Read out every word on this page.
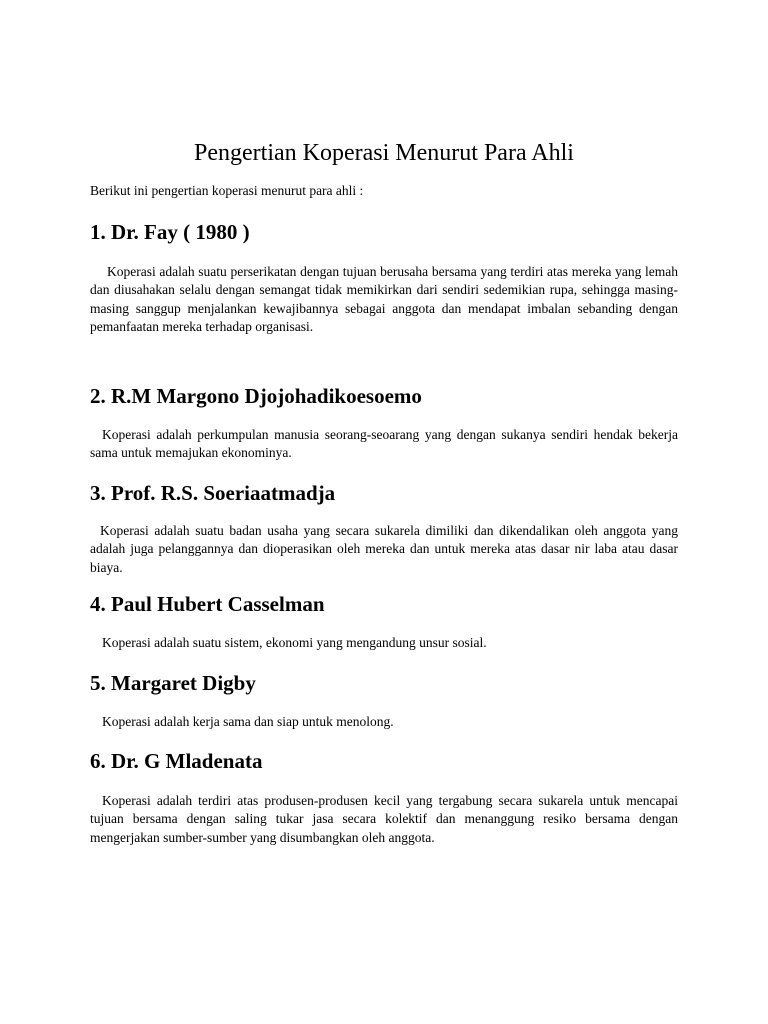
Pengertian Koperasi Menurut Para Ahli

Berikut ini pengertian koperasi menurut para ahli :

1. Dr. Fay ( 1980 )

Koperasi adalah suatu perserikatan dengan tujuan berusaha bersama yang terdiri atas mereka yang lemah dan diusahakan selalu dengan semangat tidak memikirkan dari sendiri sedemikian rupa, sehingga masing-masing sanggup menjalankan kewajibannya sebagai anggota dan mendapat imbalan sebanding dengan pemanfaatan mereka terhadap organisasi.

2. R.M Margono Djojohadikoesoemo

Koperasi adalah perkumpulan manusia seorang-seoarang yang dengan sukanya sendiri hendak bekerja sama untuk memajukan ekonominya.

3. Prof. R.S. Soeriaatmadja

Koperasi adalah suatu badan usaha yang secara sukarela dimiliki dan dikendalikan oleh anggota yang adalah juga pelanggannya dan dioperasikan oleh mereka dan untuk mereka atas dasar nir laba atau dasar biaya.

4. Paul Hubert Casselman

Koperasi adalah suatu sistem, ekonomi yang mengandung unsur sosial.

5. Margaret Digby

Koperasi adalah kerja sama dan siap untuk menolong.

6. Dr. G Mladenata

Koperasi adalah terdiri atas produsen-produsen kecil yang tergabung secara sukarela untuk mencapai tujuan bersama dengan saling tukar jasa secara kolektif dan menanggung resiko bersama dengan mengerjakan sumber-sumber yang disumbangkan oleh anggota.
